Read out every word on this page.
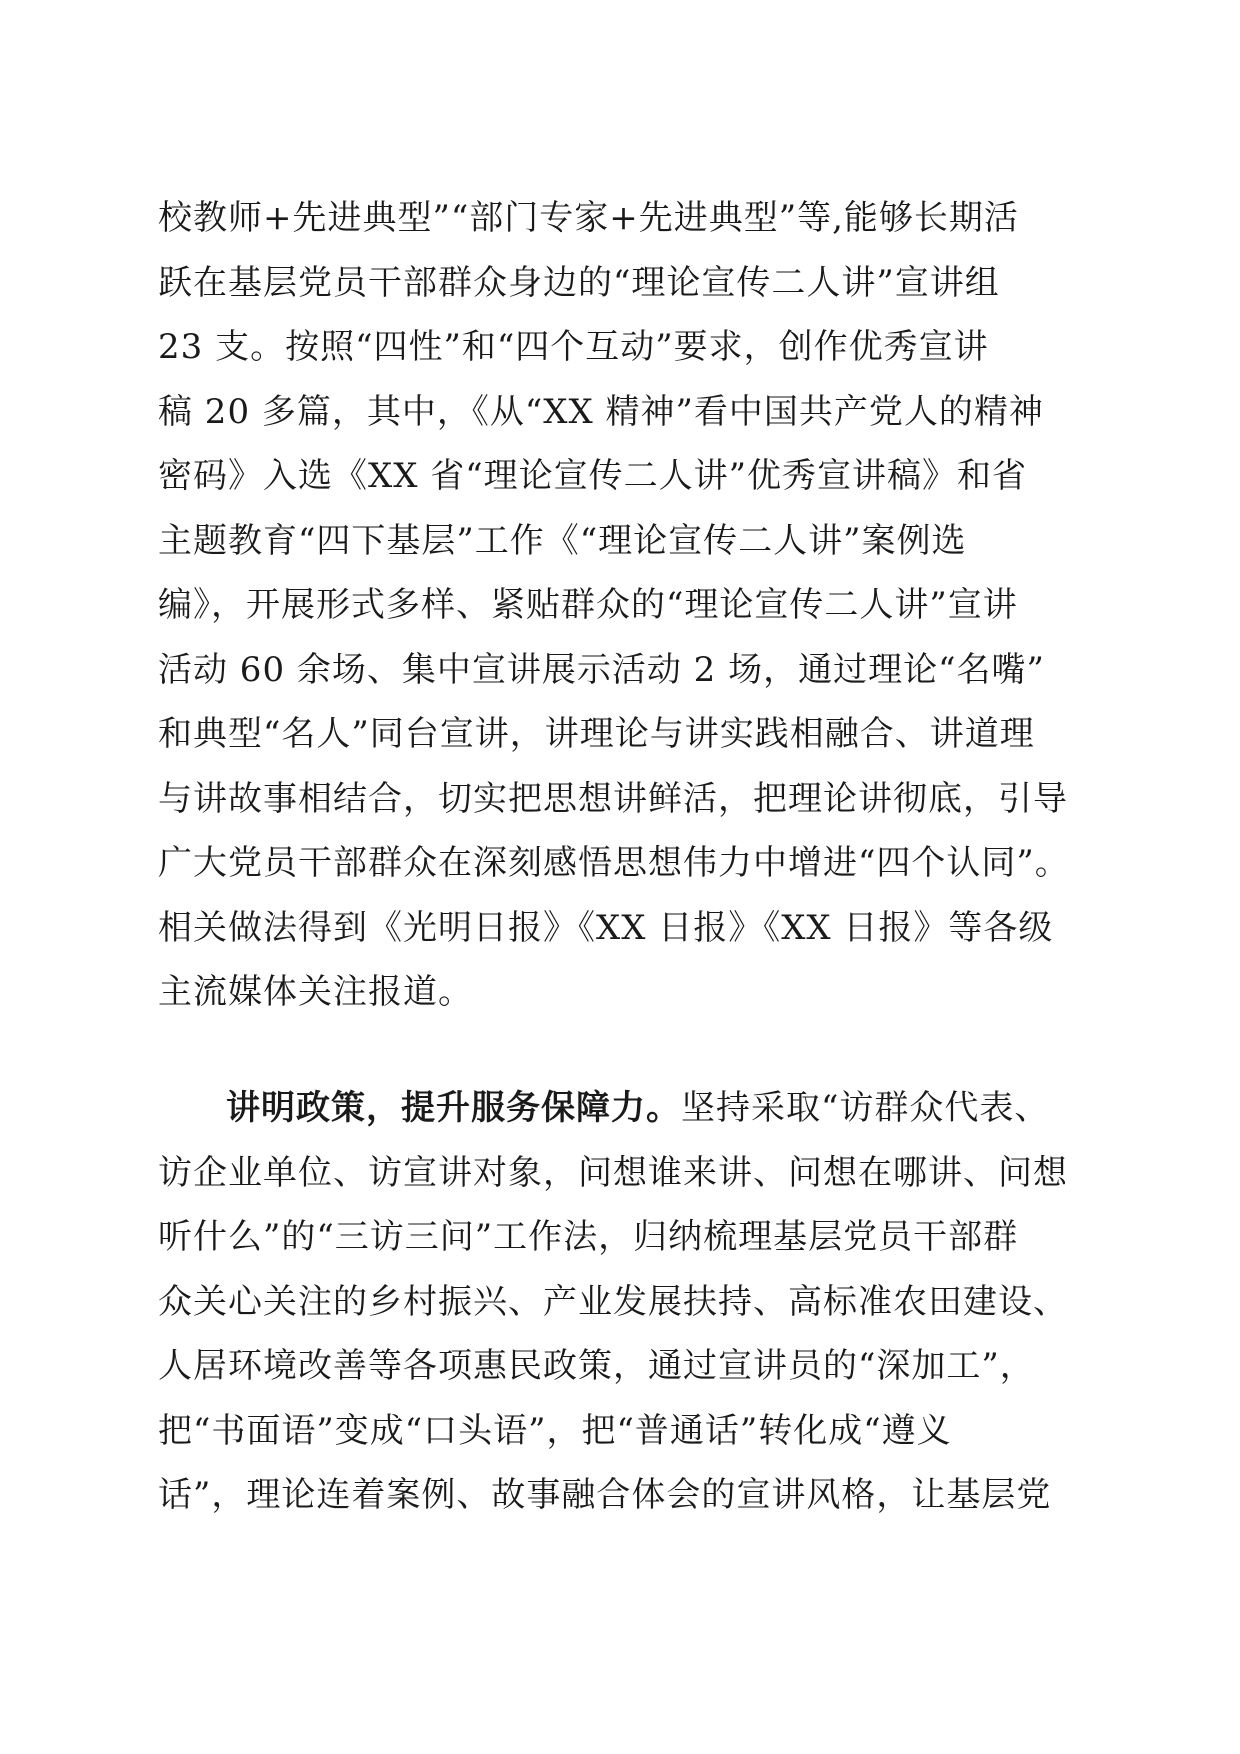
校教师+先进典型”“部门专家+先进典型”等,能够长期活
跃在基层党员干部群众身边的“理论宣传二人讲”宣讲组
23 支。按照“四性”和“四个互动”要求，创作优秀宣讲
稿 20 多篇，其中，《从“XX 精神”看中国共产党人的精神
密码》入选《XX 省“理论宣传二人讲”优秀宣讲稿》和省
主题教育“四下基层”工作《“理论宣传二人讲”案例选
编》，开展形式多样、紧贴群众的“理论宣传二人讲”宣讲
活动 60 余场、集中宣讲展示活动 2 场，通过理论“名嘴”
和典型“名人”同台宣讲，讲理论与讲实践相融合、讲道理
与讲故事相结合，切实把思想讲鲜活，把理论讲彻底，引导
广大党员干部群众在深刻感悟思想伟力中增进“四个认同”。
相关做法得到《光明日报》《XX 日报》《XX 日报》等各级
主流媒体关注报道。
讲明政策，提升服务保障力。坚持采取“访群众代表、
访企业单位、访宣讲对象，问想谁来讲、问想在哪讲、问想
听什么”的“三访三问”工作法，归纳梳理基层党员干部群
众关心关注的乡村振兴、产业发展扶持、高标准农田建设、
人居环境改善等各项惠民政策，通过宣讲员的“深加工”，
把“书面语”变成“口头语”，把“普通话”转化成“遵义
话”，理论连着案例、故事融合体会的宣讲风格，让基层党
